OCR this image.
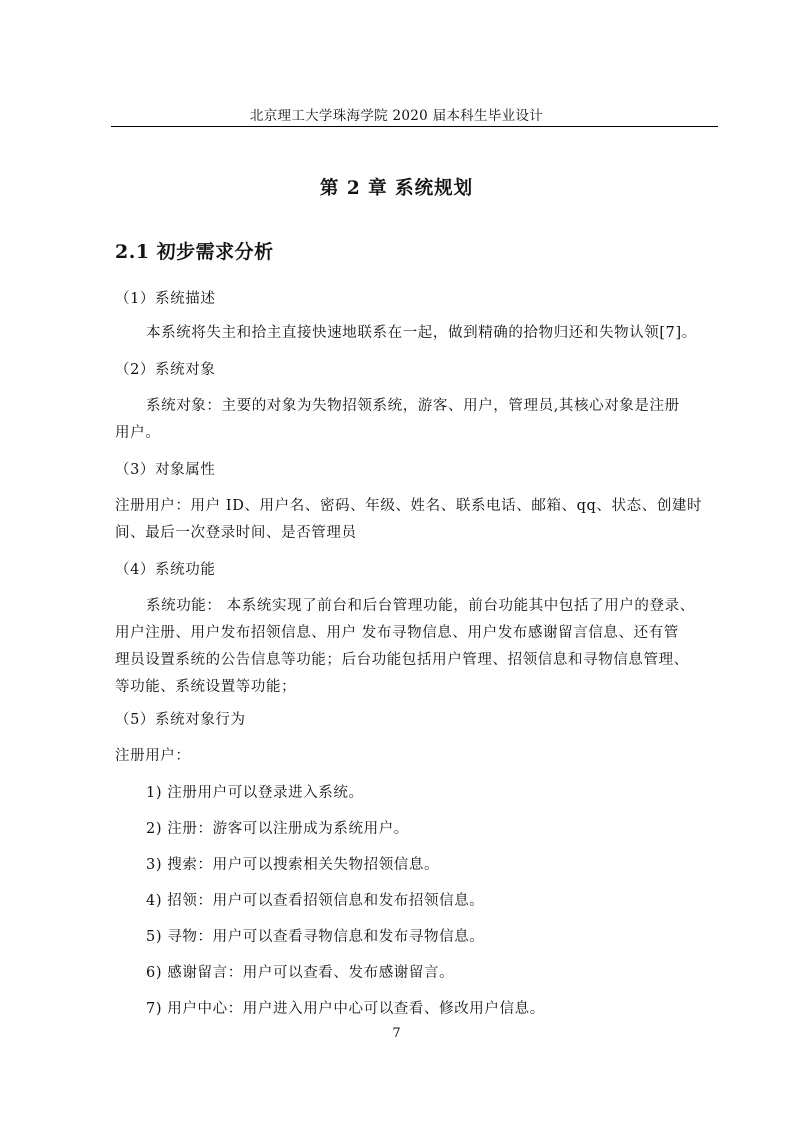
北京理工大学珠海学院 2020 届本科生毕业设计
第 2 章 系统规划
2.1 初步需求分析
（1）系统描述
本系统将失主和拾主直接快速地联系在一起，做到精确的拾物归还和失物认领[7]。
（2）系统对象
系统对象：主要的对象为失物招领系统，游客、用户，管理员,其核心对象是注册
用户。
（3）对象属性
注册用户：用户 ID、用户名、密码、年级、姓名、联系电话、邮箱、qq、状态、创建时
间、最后一次登录时间、是否管理员
（4）系统功能
系统功能： 本系统实现了前台和后台管理功能，前台功能其中包括了用户的登录、
用户注册、用户发布招领信息、用户 发布寻物信息、用户发布感谢留言信息、还有管
理员设置系统的公告信息等功能；后台功能包括用户管理、招领信息和寻物信息管理、
等功能、系统设置等功能；
（5）系统对象行为
注册用户：
1) 注册用户可以登录进入系统。
2) 注册：游客可以注册成为系统用户。
3) 搜索：用户可以搜索相关失物招领信息。
4) 招领：用户可以查看招领信息和发布招领信息。
5) 寻物：用户可以查看寻物信息和发布寻物信息。
6) 感谢留言：用户可以查看、发布感谢留言。
7) 用户中心：用户进入用户中心可以查看、修改用户信息。
7
